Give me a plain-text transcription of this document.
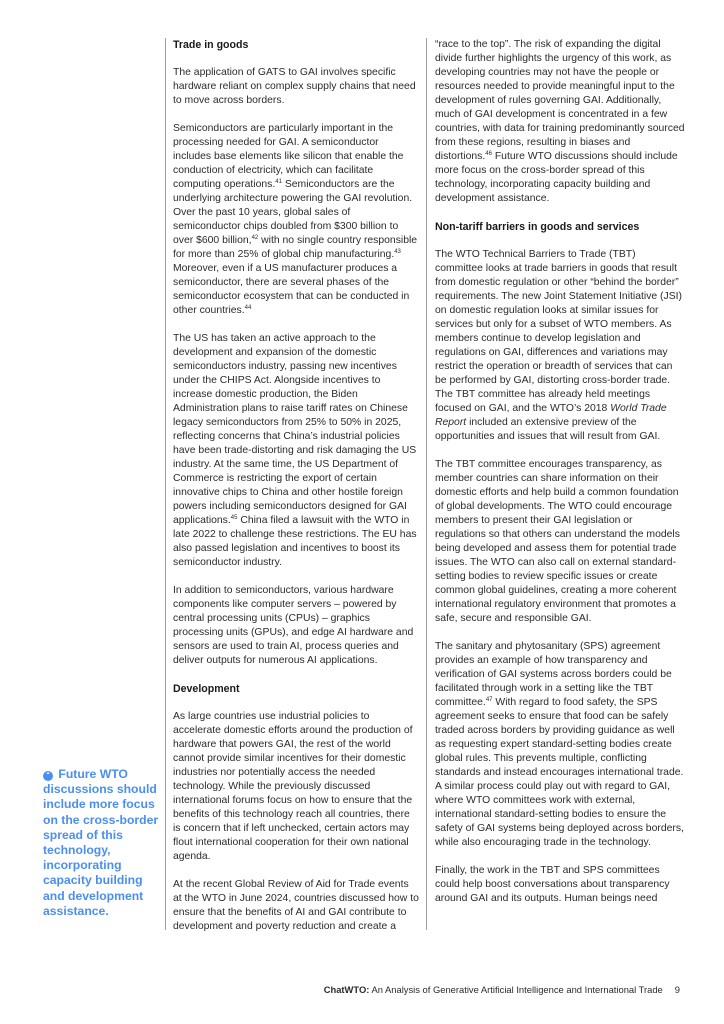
“ Future WTO discussions should include more focus on the cross-border spread of this technology, incorporating capacity building and development assistance.
Trade in goods

The application of GATS to GAI involves specific hardware reliant on complex supply chains that need to move across borders.

Semiconductors are particularly important in the processing needed for GAI. A semiconductor includes base elements like silicon that enable the conduction of electricity, which can facilitate computing operations.$^{41}$ Semiconductors are the underlying architecture powering the GAI revolution. Over the past 10 years, global sales of semiconductor chips doubled from $300 billion to over $600 billion,$^{42}$ with no single country responsible for more than 25% of global chip manufacturing.$^{43}$ Moreover, even if a US manufacturer produces a semiconductor, there are several phases of the semiconductor ecosystem that can be conducted in other countries.$^{44}$

The US has taken an active approach to the development and expansion of the domestic semiconductors industry, passing new incentives under the CHIPS Act. Alongside incentives to increase domestic production, the Biden Administration plans to raise tariff rates on Chinese legacy semiconductors from 25% to 50% in 2025, reflecting concerns that China’s industrial policies have been trade-distorting and risk damaging the US industry. At the same time, the US Department of Commerce is restricting the export of certain innovative chips to China and other hostile foreign powers including semiconductors designed for GAI applications.$^{45}$ China filed a lawsuit with the WTO in late 2022 to challenge these restrictions. The EU has also passed legislation and incentives to boost its semiconductor industry.

In addition to semiconductors, various hardware components like computer servers – powered by central processing units (CPUs) – graphics processing units (GPUs), and edge AI hardware and sensors are used to train AI, process queries and deliver outputs for numerous AI applications.

Development

As large countries use industrial policies to accelerate domestic efforts around the production of hardware that powers GAI, the rest of the world cannot provide similar incentives for their domestic industries nor potentially access the needed technology. While the previously discussed international forums focus on how to ensure that the benefits of this technology reach all countries, there is concern that if left unchecked, certain actors may flout international cooperation for their own national agenda.

At the recent Global Review of Aid for Trade events at the WTO in June 2024, countries discussed how to ensure that the benefits of AI and GAI contribute to development and poverty reduction and create a

“race to the top”. The risk of expanding the digital divide further highlights the urgency of this work, as developing countries may not have the people or resources needed to provide meaningful input to the development of rules governing GAI. Additionally, much of GAI development is concentrated in a few countries, with data for training predominantly sourced from these regions, resulting in biases and distortions.$^{46}$ Future WTO discussions should include more focus on the cross-border spread of this technology, incorporating capacity building and development assistance.

Non-tariff barriers in goods and services

The WTO Technical Barriers to Trade (TBT) committee looks at trade barriers in goods that result from domestic regulation or other “behind the border” requirements. The new Joint Statement Initiative (JSI) on domestic regulation looks at similar issues for services but only for a subset of WTO members. As members continue to develop legislation and regulations on GAI, differences and variations may restrict the operation or breadth of services that can be performed by GAI, distorting cross-border trade. The TBT committee has already held meetings focused on GAI, and the WTO’s 2018 World Trade Report included an extensive preview of the opportunities and issues that will result from GAI.

The TBT committee encourages transparency, as member countries can share information on their domestic efforts and help build a common foundation of global developments. The WTO could encourage members to present their GAI legislation or regulations so that others can understand the models being developed and assess them for potential trade issues. The WTO can also call on external standard-setting bodies to review specific issues or create common global guidelines, creating a more coherent international regulatory environment that promotes a safe, secure and responsible GAI.

The sanitary and phytosanitary (SPS) agreement provides an example of how transparency and verification of GAI systems across borders could be facilitated through work in a setting like the TBT committee.$^{47}$ With regard to food safety, the SPS agreement seeks to ensure that food can be safely traded across borders by providing guidance as well as requesting expert standard-setting bodies create global rules. This prevents multiple, conflicting standards and instead encourages international trade. A similar process could play out with regard to GAI, where WTO committees work with external, international standard-setting bodies to ensure the safety of GAI systems being deployed across borders, while also encouraging trade in the technology.

Finally, the work in the TBT and SPS committees could help boost conversations about transparency around GAI and its outputs. Human beings need

ChatWTO: An Analysis of Generative Artificial Intelligence and International Trade 9
